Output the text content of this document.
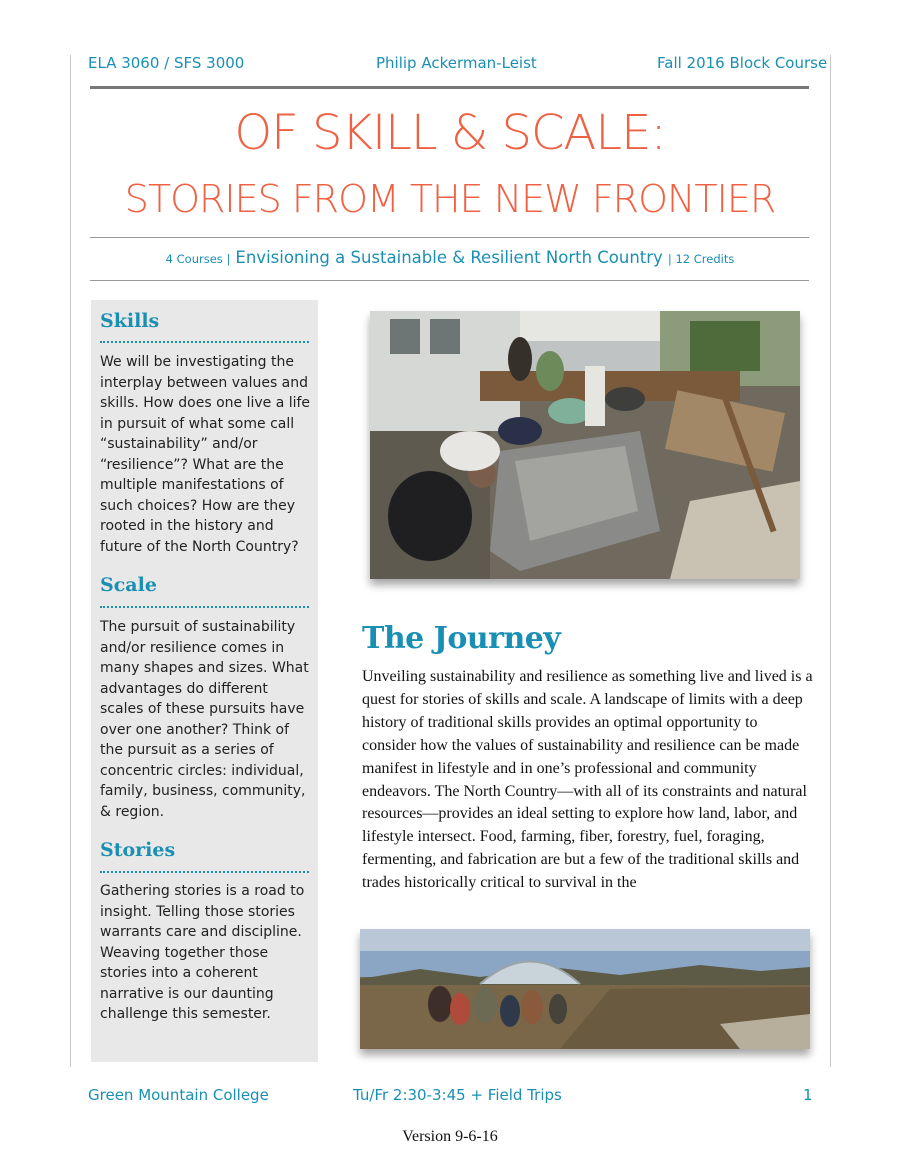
ELA 3060 / SFS 3000	Philip Ackerman-Leist	Fall 2016 Block Course
OF SKILL & SCALE:
STORIES FROM THE NEW FRONTIER
4 Courses | Envisioning a Sustainable & Resilient North Country | 12 Credits
Skills
We will be investigating the interplay between values and skills. How does one live a life in pursuit of what some call “sustainability” and/or “resilience”? What are the multiple manifestations of such choices? How are they rooted in the history and future of the North Country?
Scale
The pursuit of sustainability and/or resilience comes in many shapes and sizes. What advantages do different scales of these pursuits have over one another? Think of the pursuit as a series of concentric circles: individual, family, business, community, & region.
Stories
Gathering stories is a road to insight. Telling those stories warrants care and discipline. Weaving together those stories into a coherent narrative is our daunting challenge this semester.
The Journey
Unveiling sustainability and resilience as something live and lived is a quest for stories of skills and scale. A landscape of limits with a deep history of traditional skills provides an optimal opportunity to consider how the values of sustainability and resilience can be made manifest in lifestyle and in one’s professional and community endeavors. The North Country—with all of its constraints and natural resources—provides an ideal setting to explore how land, labor, and lifestyle intersect. Food, farming, fiber, forestry, fuel, foraging, fermenting, and fabrication are but a few of the traditional skills and trades historically critical to survival in the
Green Mountain College	Tu/Fr 2:30-3:45 + Field Trips	1
Version 9-6-16
